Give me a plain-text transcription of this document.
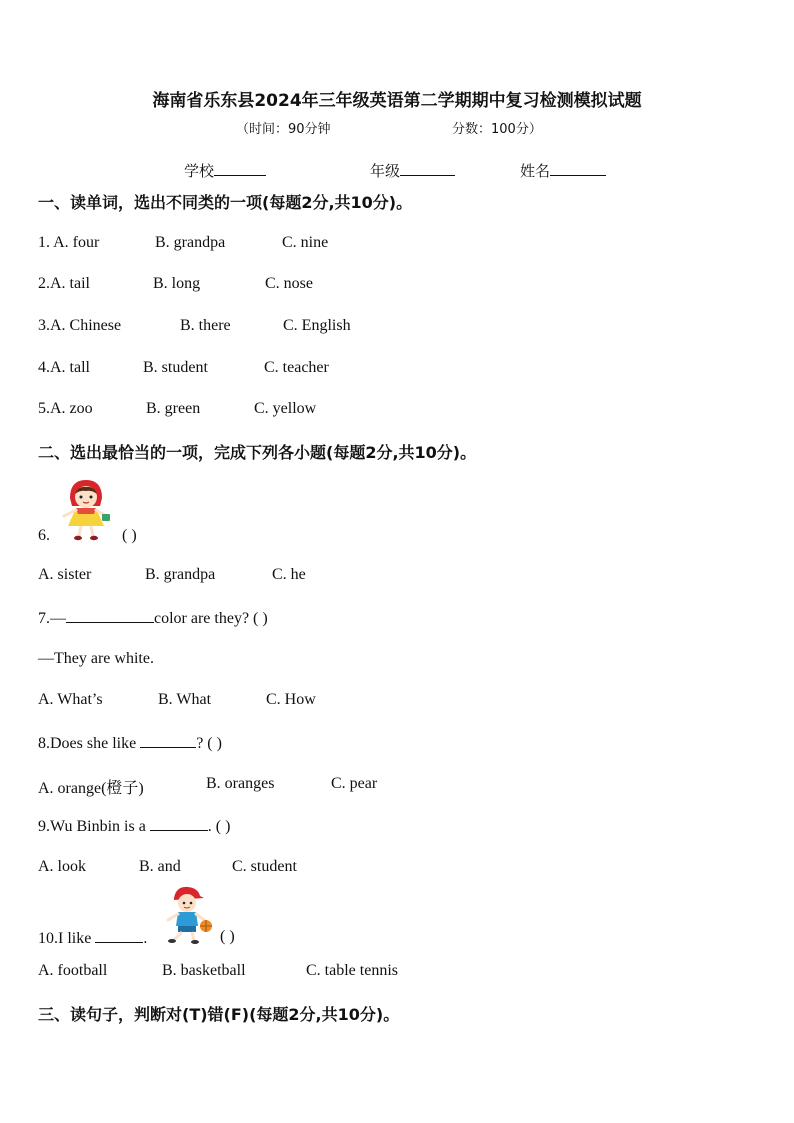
海南省乐东县2024年三年级英语第二学期期中复习检测模拟试题
（时间：90分钟	分数：100分）
学校	年级	姓名
一、读单词，选出不同类的一项(每题2分,共10分)。
1. A. four	B. grandpa	C. nine
2.A. tail	B. long	C. nose
3.A. Chinese	B. there	C. English
4.A. tall	B. student	C. teacher
5.A. zoo	B. green	C. yellow
二、选出最恰当的一项，完成下列各小题(每题2分,共10分)。
6.	( )
A. sister	B. grandpa	C. he
7.—	color are they? ( )
—They are white.
A. What’s	B. What	C. How
8.Does she like	? ( )
A. orange(橙子)	B. oranges	C. pear
9.Wu Binbin is a	. ( )
A. look	B. and	C. student
10.I like	.	( )
A. football	B. basketball	C. table tennis
三、读句子，判断对(T)错(F)(每题2分,共10分)。
